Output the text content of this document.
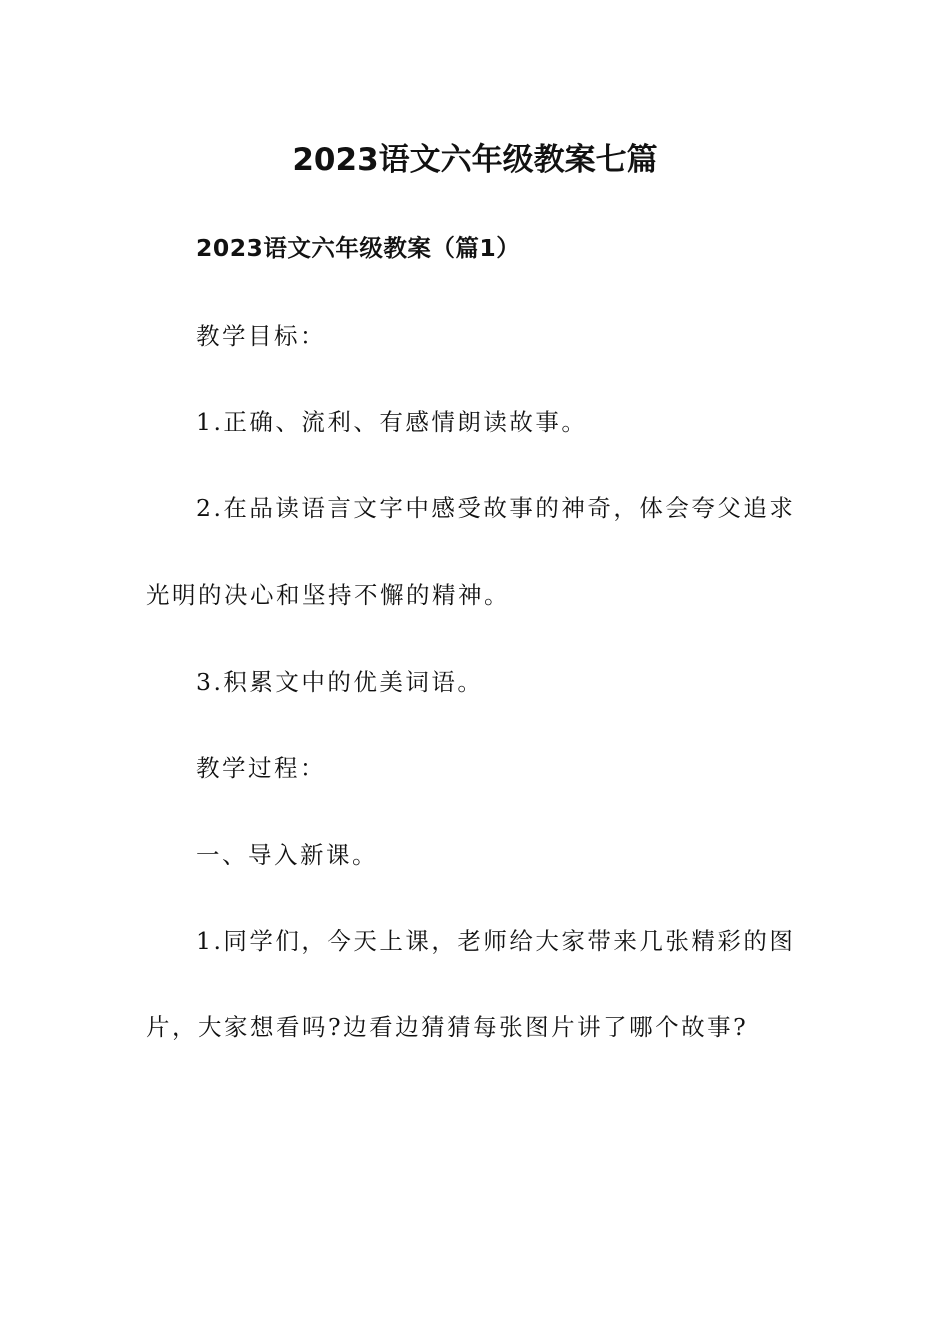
2023语文六年级教案七篇
2023语文六年级教案（篇1）
教学目标：
1.正确、流利、有感情朗读故事。
2.在品读语言文字中感受故事的神奇，体会夸父追求
光明的决心和坚持不懈的精神。
3.积累文中的优美词语。
教学过程：
一、导入新课。
1.同学们，今天上课，老师给大家带来几张精彩的图
片，大家想看吗?边看边猜猜每张图片讲了哪个故事?
